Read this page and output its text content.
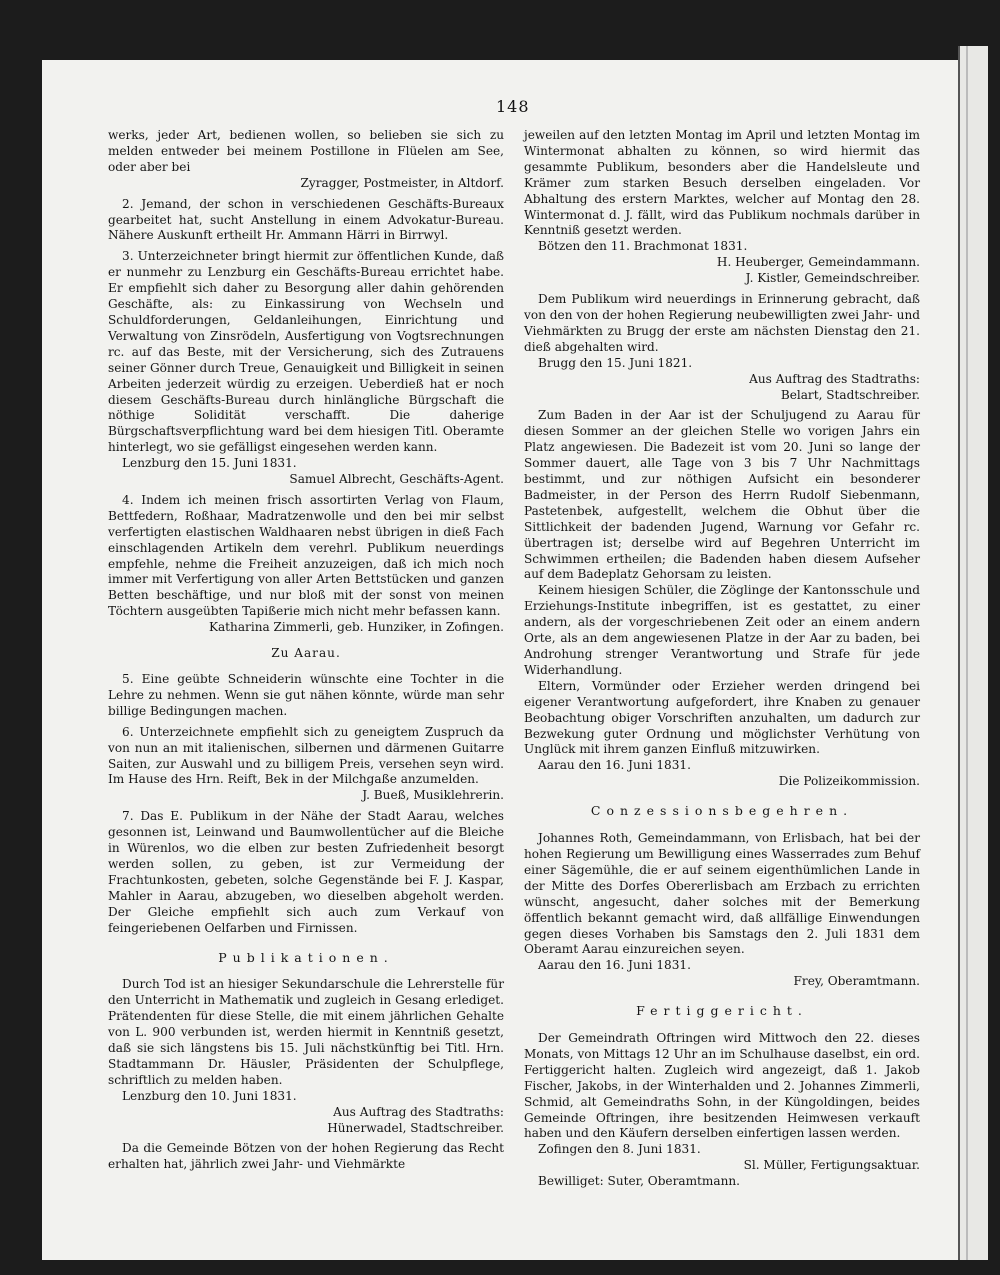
148

werks, jeder Art, bedienen wollen, so belieben sie sich zu melden entweder bei meinem Postillone in Flüelen am See, oder aber bei

Zyragger, Postmeister, in Altdorf.

2. Jemand, der schon in verschiedenen Geschäfts-Bureaux gearbeitet hat, sucht Anstellung in einem Advokatur-Bureau. Nähere Auskunft ertheilt Hr. Ammann Härri in Birrwyl.

3. Unterzeichneter bringt hiermit zur öffentlichen Kunde, daß er nunmehr zu Lenzburg ein Geschäfts-Bureau errichtet habe. Er empfiehlt sich daher zu Besorgung aller dahin gehörenden Geschäfte, als: zu Einkassirung von Wechseln und Schuldforderungen, Geldanleihungen, Einrichtung und Verwaltung von Zinsrödeln, Ausfertigung von Vogtsrechnungen rc. auf das Beste, mit der Versicherung, sich des Zutrauens seiner Gönner durch Treue, Genauigkeit und Billigkeit in seinen Arbeiten jederzeit würdig zu erzeigen. Ueberdieß hat er noch diesem Geschäfts-Bureau durch hinlängliche Bürgschaft die nöthige Solidität verschafft. Die daherige Bürgschaftsverpflichtung ward bei dem hiesigen Titl. Oberamte hinterlegt, wo sie gefälligst eingesehen werden kann.

Lenzburg den 15. Juni 1831.

Samuel Albrecht, Geschäfts-Agent.

4. Indem ich meinen frisch assortirten Verlag von Flaum, Bettfedern, Roßhaar, Madratzenwolle und den bei mir selbst verfertigten elastischen Waldhaaren nebst übrigen in dieß Fach einschlagenden Artikeln dem verehrl. Publikum neuerdings empfehle, nehme die Freiheit anzuzeigen, daß ich mich noch immer mit Verfertigung von aller Arten Bettstücken und ganzen Betten beschäftige, und nur bloß mit der sonst von meinen Töchtern ausgeübten Tapißerie mich nicht mehr befassen kann.

Katharina Zimmerli, geb. Hunziker, in Zofingen.

Zu Aarau.

5. Eine geübte Schneiderin wünschte eine Tochter in die Lehre zu nehmen. Wenn sie gut nähen könnte, würde man sehr billige Bedingungen machen.

6. Unterzeichnete empfiehlt sich zu geneigtem Zuspruch da von nun an mit italienischen, silbernen und därmenen Guitarre Saiten, zur Auswahl und zu billigem Preis, versehen seyn wird. Im Hause des Hrn. Reift, Bek in der Milchgaße anzumelden.

J. Bueß, Musiklehrerin.

7. Das E. Publikum in der Nähe der Stadt Aarau, welches gesonnen ist, Leinwand und Baumwollentücher auf die Bleiche in Würenlos, wo die elben zur besten Zufriedenheit besorgt werden sollen, zu geben, ist zur Vermeidung der Frachtunkosten, gebeten, solche Gegenstände bei F. J. Kaspar, Mahler in Aarau, abzugeben, wo dieselben abgeholt werden. Der Gleiche empfiehlt sich auch zum Verkauf von feingeriebenen Oelfarben und Firnissen.

Publikationen.

Durch Tod ist an hiesiger Sekundarschule die Lehrerstelle für den Unterricht in Mathematik und zugleich in Gesang erlediget. Prätendenten für diese Stelle, die mit einem jährlichen Gehalte von L. 900 verbunden ist, werden hiermit in Kenntniß gesetzt, daß sie sich längstens bis 15. Juli nächstkünftig bei Titl. Hrn. Stadtammann Dr. Häusler, Präsidenten der Schulpflege, schriftlich zu melden haben.

Lenzburg den 10. Juni 1831.

Aus Auftrag des Stadtraths:

Hünerwadel, Stadtschreiber.

Da die Gemeinde Bötzen von der hohen Regierung das Recht erhalten hat, jährlich zwei Jahr- und Viehmärkte

jeweilen auf den letzten Montag im April und letzten Montag im Wintermonat abhalten zu können, so wird hiermit das gesammte Publikum, besonders aber die Handelsleute und Krämer zum starken Besuch derselben eingeladen. Vor Abhaltung des erstern Marktes, welcher auf Montag den 28. Wintermonat d. J. fällt, wird das Publikum nochmals darüber in Kenntniß gesetzt werden.

Bötzen den 11. Brachmonat 1831.

H. Heuberger, Gemeindammann.

J. Kistler, Gemeindschreiber.

Dem Publikum wird neuerdings in Erinnerung gebracht, daß von den von der hohen Regierung neubewilligten zwei Jahr- und Viehmärkten zu Brugg der erste am nächsten Dienstag den 21. dieß abgehalten wird.

Brugg den 15. Juni 1821.

Aus Auftrag des Stadtraths:

Belart, Stadtschreiber.

Zum Baden in der Aar ist der Schuljugend zu Aarau für diesen Sommer an der gleichen Stelle wo vorigen Jahrs ein Platz angewiesen. Die Badezeit ist vom 20. Juni so lange der Sommer dauert, alle Tage von 3 bis 7 Uhr Nachmittags bestimmt, und zur nöthigen Aufsicht ein besonderer Badmeister, in der Person des Herrn Rudolf Siebenmann, Pastetenbek, aufgestellt, welchem die Obhut über die Sittlichkeit der badenden Jugend, Warnung vor Gefahr rc. übertragen ist; derselbe wird auf Begehren Unterricht im Schwimmen ertheilen; die Badenden haben diesem Aufseher auf dem Badeplatz Gehorsam zu leisten.

Keinem hiesigen Schüler, die Zöglinge der Kantonsschule und Erziehungs-Institute inbegriffen, ist es gestattet, zu einer andern, als der vorgeschriebenen Zeit oder an einem andern Orte, als an dem angewiesenen Platze in der Aar zu baden, bei Androhung strenger Verantwortung und Strafe für jede Widerhandlung.

Eltern, Vormünder oder Erzieher werden dringend bei eigener Verantwortung aufgefordert, ihre Knaben zu genauer Beobachtung obiger Vorschriften anzuhalten, um dadurch zur Bezwekung guter Ordnung und möglichster Verhütung von Unglück mit ihrem ganzen Einfluß mitzuwirken.

Aarau den 16. Juni 1831.

Die Polizeikommission.

Conzessionsbegehren.

Johannes Roth, Gemeindammann, von Erlisbach, hat bei der hohen Regierung um Bewilligung eines Wasserrades zum Behuf einer Sägemühle, die er auf seinem eigenthümlichen Lande in der Mitte des Dorfes Obererlisbach am Erzbach zu errichten wünscht, angesucht, daher solches mit der Bemerkung öffentlich bekannt gemacht wird, daß allfällige Einwendungen gegen dieses Vorhaben bis Samstags den 2. Juli 1831 dem Oberamt Aarau einzureichen seyen.

Aarau den 16. Juni 1831.

Frey, Oberamtmann.

Fertiggericht.

Der Gemeindrath Oftringen wird Mittwoch den 22. dieses Monats, von Mittags 12 Uhr an im Schulhause daselbst, ein ord. Fertiggericht halten. Zugleich wird angezeigt, daß 1. Jakob Fischer, Jakobs, in der Winterhalden und 2. Johannes Zimmerli, Schmid, alt Gemeindraths Sohn, in der Küngoldingen, beides Gemeinde Oftringen, ihre besitzenden Heimwesen verkauft haben und den Käufern derselben einfertigen lassen werden.

Zofingen den 8. Juni 1831.

Sl. Müller, Fertigungsaktuar.

Bewilliget: Suter, Oberamtmann.
